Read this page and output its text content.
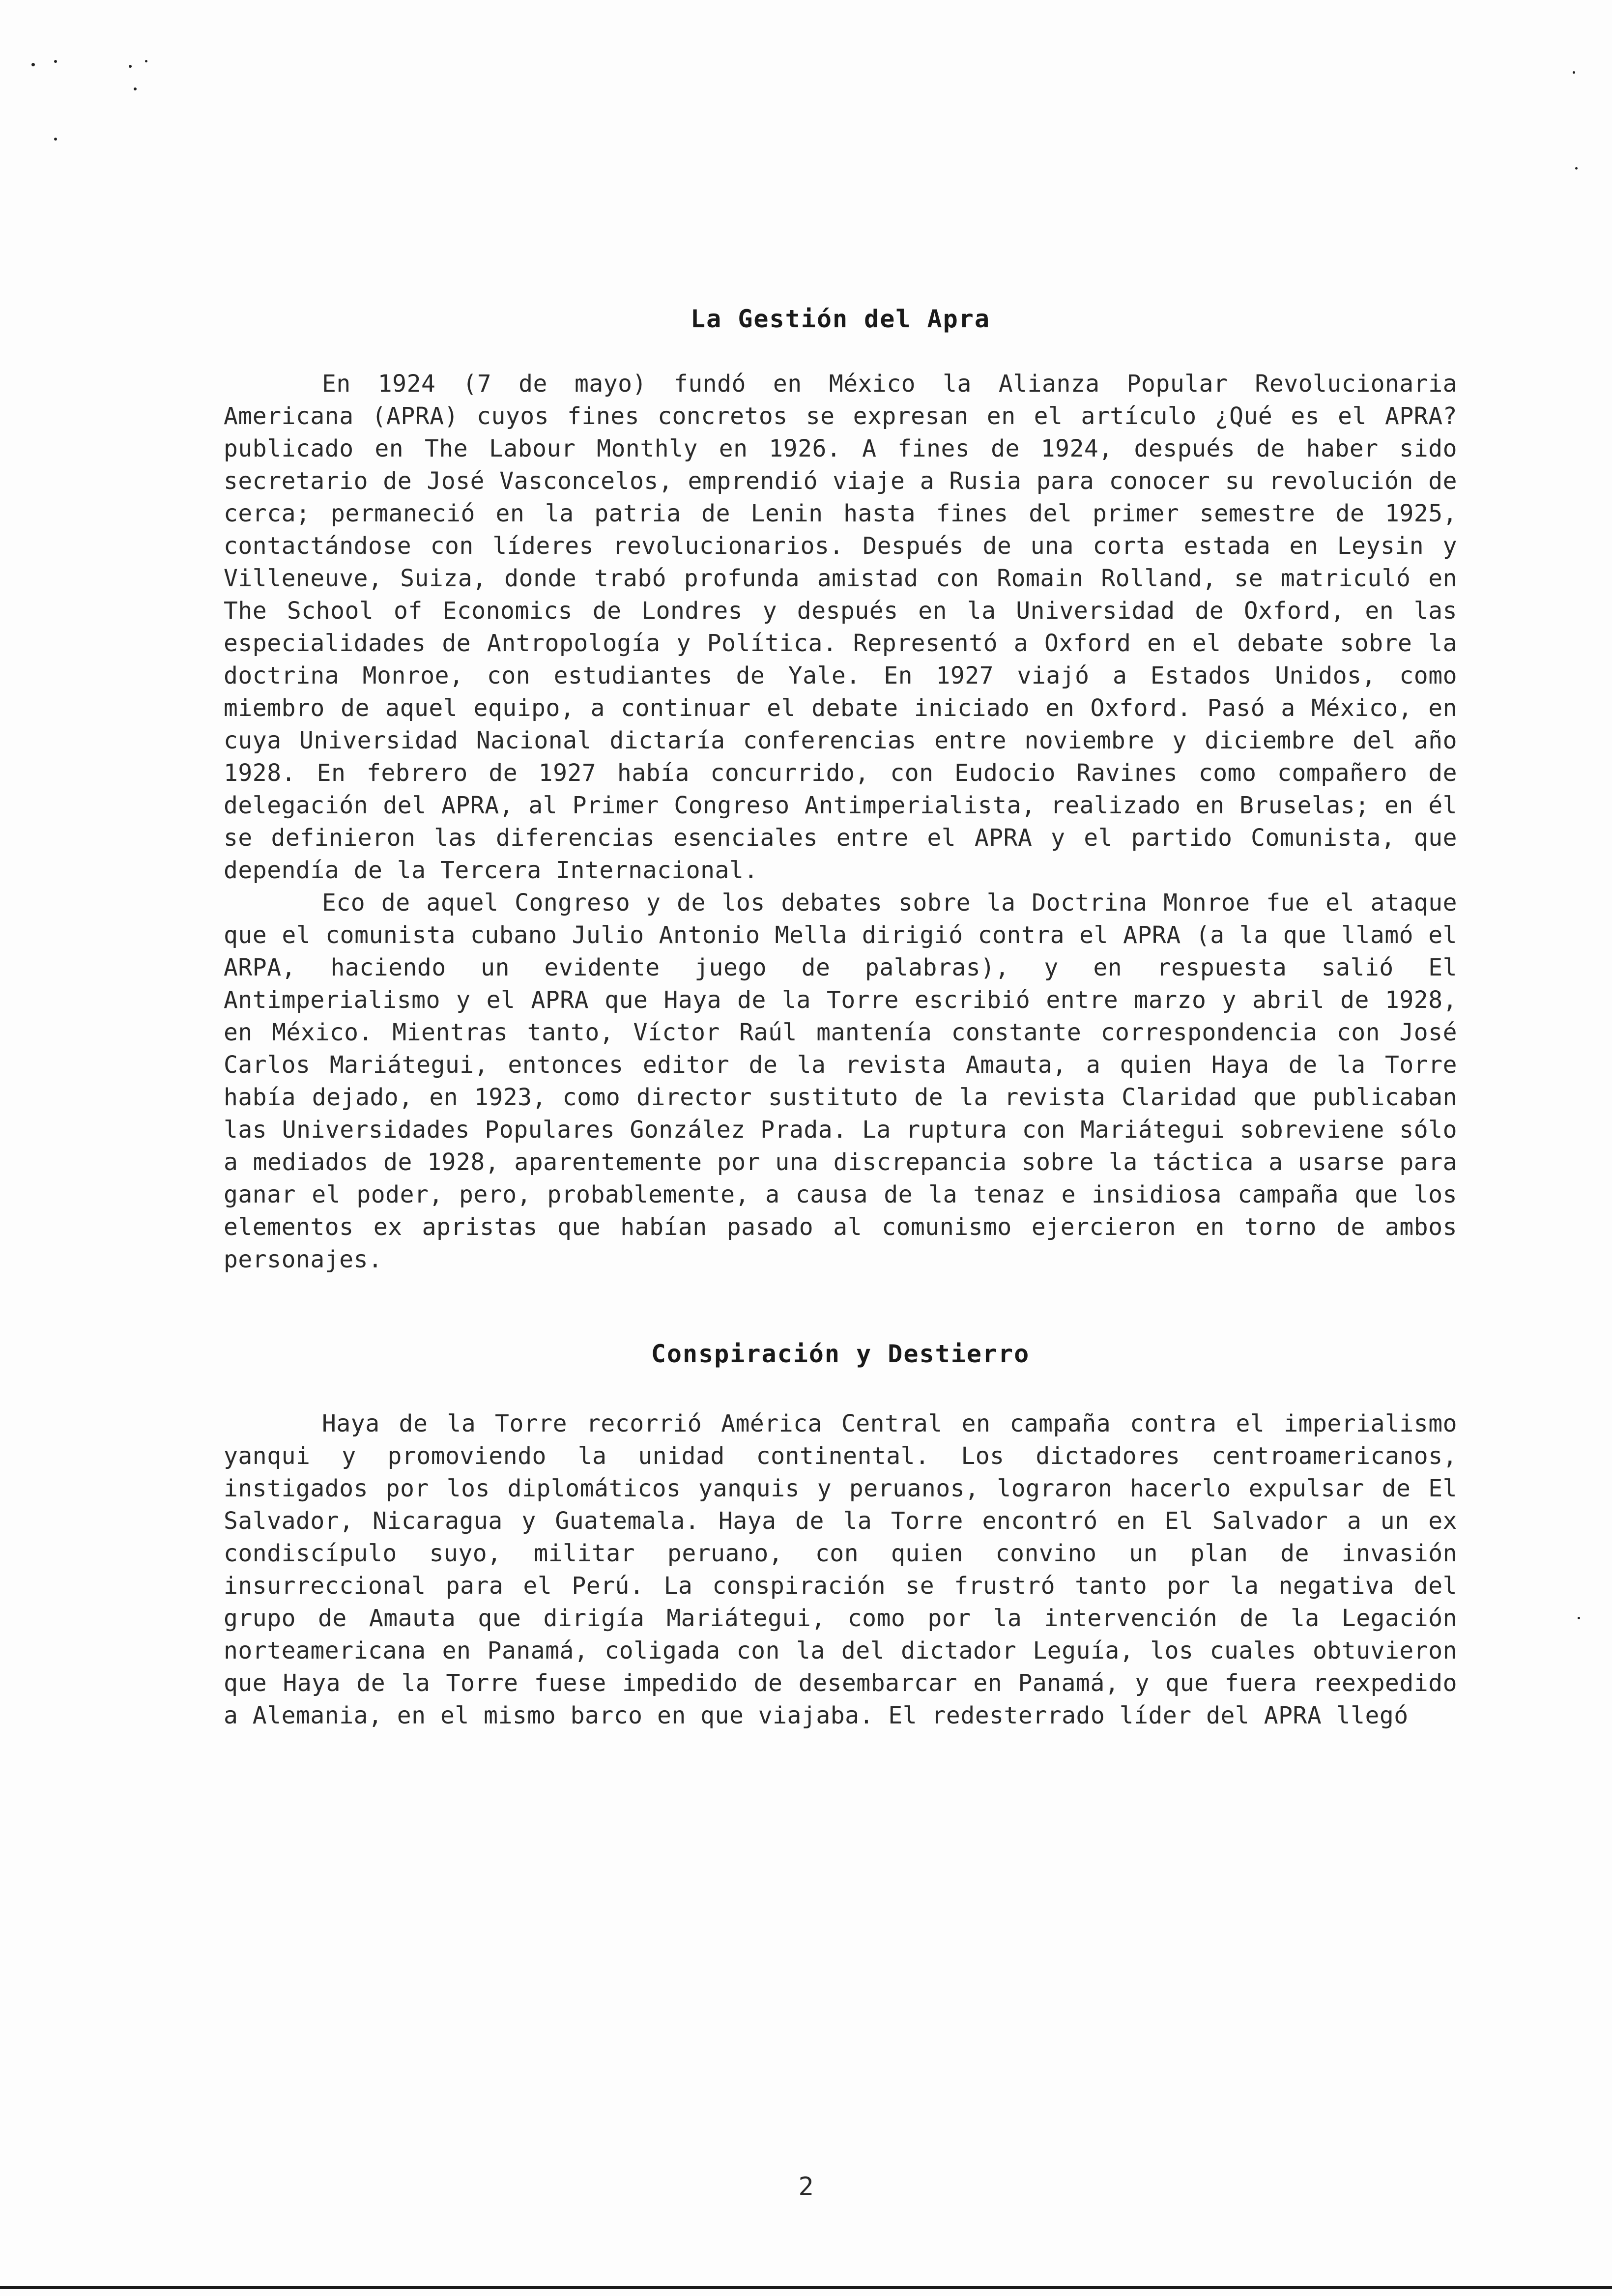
La Gestión del Apra

En 1924 (7 de mayo) fundó en México la Alianza Popular Revolucionaria Americana (APRA) cuyos fines concretos se expresan en el artículo ¿Qué es el APRA? publicado en The Labour Monthly en 1926. A fines de 1924, después de haber sido secretario de José Vasconcelos, emprendió viaje a Rusia para conocer su revolución de cerca; permaneció en la patria de Lenin hasta fines del primer semestre de 1925, contactándose con líderes revolucionarios. Después de una corta estada en Leysin y Villeneuve, Suiza, donde trabó profunda amistad con Romain Rolland, se matriculó en The School of Economics de Londres y después en la Universidad de Oxford, en las especialidades de Antropología y Política. Representó a Oxford en el debate sobre la doctrina Monroe, con estudiantes de Yale. En 1927 viajó a Estados Unidos, como miembro de aquel equipo, a continuar el debate iniciado en Oxford. Pasó a México, en cuya Universidad Nacional dictaría conferencias entre noviembre y diciembre del año 1928. En febrero de 1927 había concurrido, con Eudocio Ravines como compañero de delegación del APRA, al Primer Congreso Antimperialista, realizado en Bruselas; en él se definieron las diferencias esenciales entre el APRA y el partido Comunista, que dependía de la Tercera Internacional.

Eco de aquel Congreso y de los debates sobre la Doctrina Monroe fue el ataque que el comunista cubano Julio Antonio Mella dirigió contra el APRA (a la que llamó el ARPA, haciendo un evidente juego de palabras), y en respuesta salió El Antimperialismo y el APRA que Haya de la Torre escribió entre marzo y abril de 1928, en México. Mientras tanto, Víctor Raúl mantenía constante correspondencia con José Carlos Mariátegui, entonces editor de la revista Amauta, a quien Haya de la Torre había dejado, en 1923, como director sustituto de la revista Claridad que publicaban las Universidades Populares González Prada. La ruptura con Mariátegui sobreviene sólo a mediados de 1928, aparentemente por una discrepancia sobre la táctica a usarse para ganar el poder, pero, probablemente, a causa de la tenaz e insidiosa campaña que los elementos ex apristas que habían pasado al comunismo ejercieron en torno de ambos personajes.

Conspiración y Destierro

Haya de la Torre recorrió América Central en campaña contra el imperialismo yanqui y promoviendo la unidad continental. Los dictadores centroamericanos, instigados por los diplomáticos yanquis y peruanos, lograron hacerlo expulsar de El Salvador, Nicaragua y Guatemala. Haya de la Torre encontró en El Salvador a un ex condiscípulo suyo, militar peruano, con quien convino un plan de invasión insurreccional para el Perú. La conspiración se frustró tanto por la negativa del grupo de Amauta que dirigía Mariátegui, como por la intervención de la Legación norteamericana en Panamá, coligada con la del dictador Leguía, los cuales obtuvieron que Haya de la Torre fuese impedido de desembarcar en Panamá, y que fuera reexpedido a Alemania, en el mismo barco en que viajaba. El redesterrado líder del APRA llegó

2
